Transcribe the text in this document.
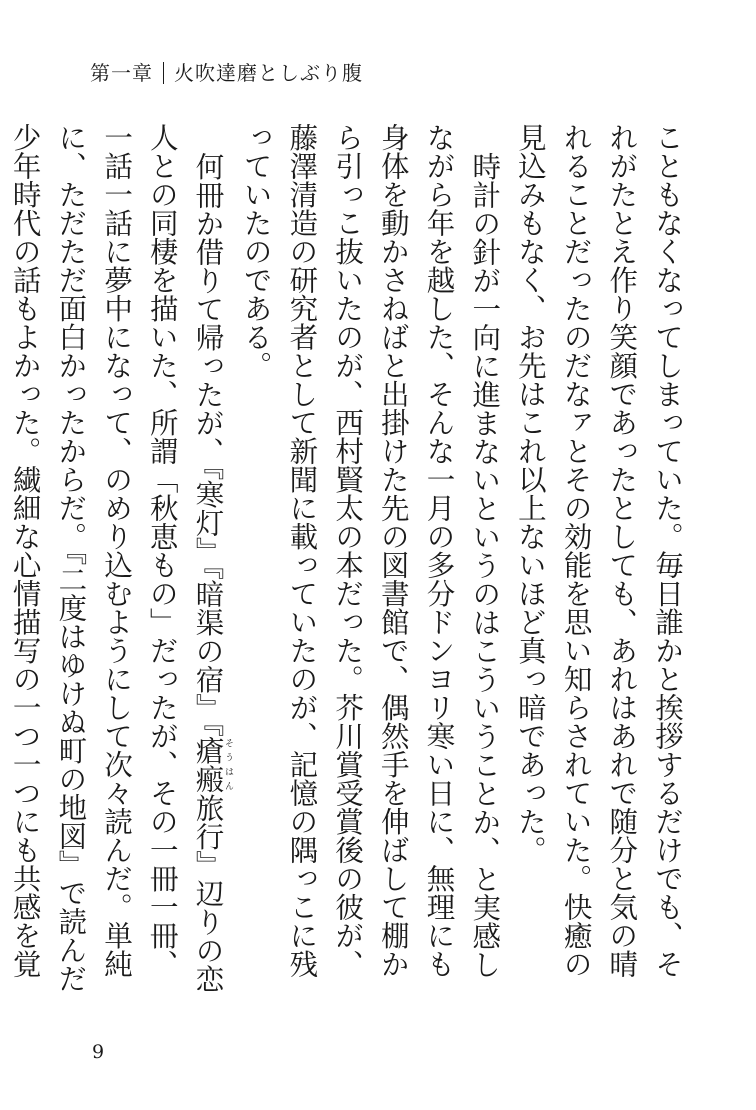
第一章 火吹達磨としぶり腹

こともなくなってしまっていた。毎日誰かと挨拶するだけでも、それがたとえ作り笑顔であったとしても、あれはあれで随分と気の晴れることだったのだなァとその効能を思い知らされていた。快癒の見込みもなく、お先はこれ以上ないほど真っ暗であった。

時計の針が一向に進まないというのはこういうことか、と実感しながら年を越した、そんな一月の多分ドンヨリ寒い日に、無理にも身体を動かさねばと出掛けた先の図書館で、偶然手を伸ばして棚から引っこ抜いたのが、西村賢太の本だった。芥川賞受賞後の彼が、藤澤清造の研究者として新聞に載っていたのが、記憶の隅っこに残っていたのである。

何冊か借りて帰ったが、『寒灯』『暗渠の宿』『瘡瘢そうはん旅行』辺りの恋人との同棲を描いた、所謂「秋恵もの」だったが、その一冊一冊、一話一話に夢中になって、のめり込むようにして次々読んだ。単純に、ただただ面白かったからだ。『二度はゆけぬ町の地図』で読んだ少年時代の話もよかった。繊細な心情描写の一つ一つにも共感を覚

9
